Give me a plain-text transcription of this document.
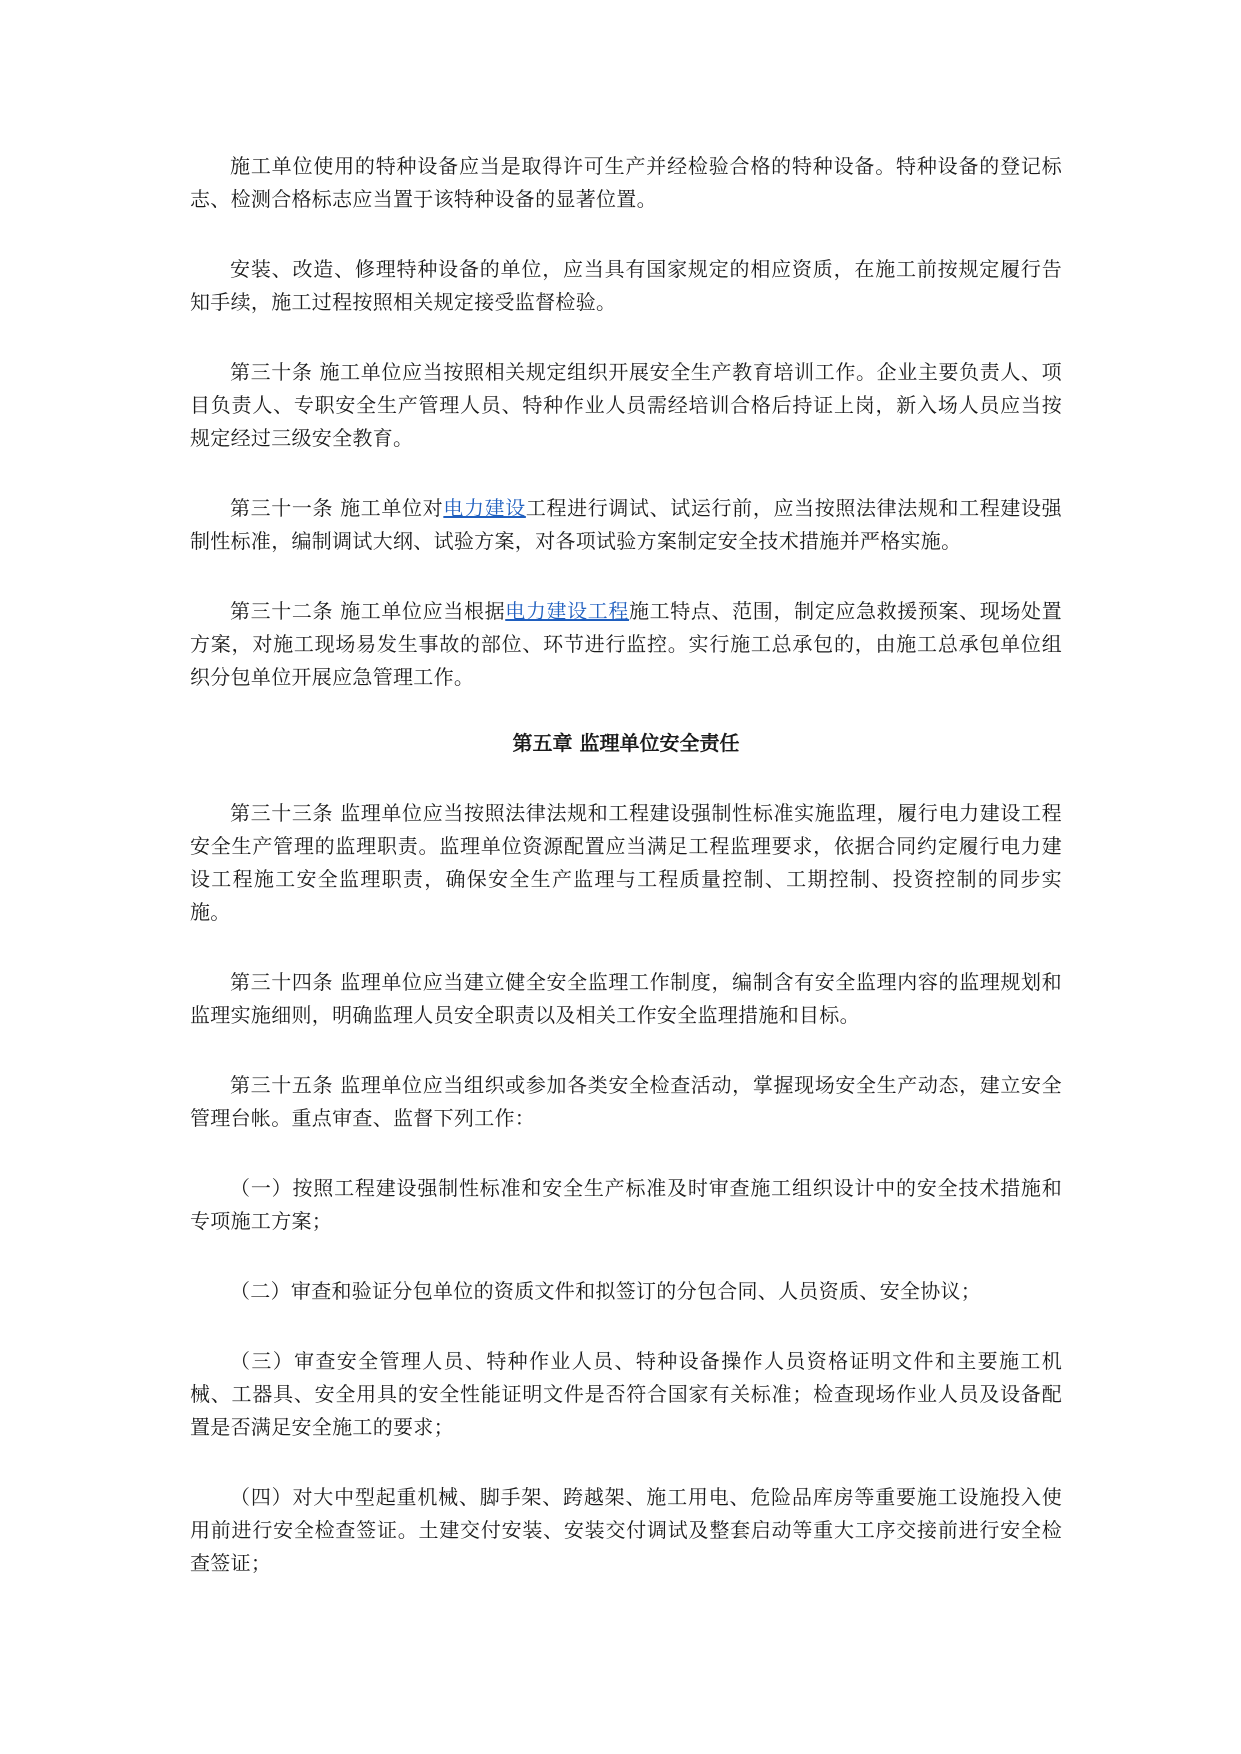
施工单位使用的特种设备应当是取得许可生产并经检验合格的特种设备。特种设备的登记标志、检测合格标志应当置于该特种设备的显著位置。

安装、改造、修理特种设备的单位，应当具有国家规定的相应资质，在施工前按规定履行告知手续，施工过程按照相关规定接受监督检验。

第三十条 施工单位应当按照相关规定组织开展安全生产教育培训工作。企业主要负责人、项目负责人、专职安全生产管理人员、特种作业人员需经培训合格后持证上岗，新入场人员应当按规定经过三级安全教育。

第三十一条 施工单位对电力建设工程进行调试、试运行前，应当按照法律法规和工程建设强制性标准，编制调试大纲、试验方案，对各项试验方案制定安全技术措施并严格实施。

第三十二条 施工单位应当根据电力建设工程施工特点、范围，制定应急救援预案、现场处置方案，对施工现场易发生事故的部位、环节进行监控。实行施工总承包的，由施工总承包单位组织分包单位开展应急管理工作。

第五章 监理单位安全责任

第三十三条 监理单位应当按照法律法规和工程建设强制性标准实施监理，履行电力建设工程安全生产管理的监理职责。监理单位资源配置应当满足工程监理要求，依据合同约定履行电力建设工程施工安全监理职责，确保安全生产监理与工程质量控制、工期控制、投资控制的同步实施。

第三十四条 监理单位应当建立健全安全监理工作制度，编制含有安全监理内容的监理规划和监理实施细则，明确监理人员安全职责以及相关工作安全监理措施和目标。

第三十五条 监理单位应当组织或参加各类安全检查活动，掌握现场安全生产动态，建立安全管理台帐。重点审查、监督下列工作：

（一）按照工程建设强制性标准和安全生产标准及时审查施工组织设计中的安全技术措施和专项施工方案；

（二）审查和验证分包单位的资质文件和拟签订的分包合同、人员资质、安全协议；

（三）审查安全管理人员、特种作业人员、特种设备操作人员资格证明文件和主要施工机械、工器具、安全用具的安全性能证明文件是否符合国家有关标准；检查现场作业人员及设备配置是否满足安全施工的要求；

（四）对大中型起重机械、脚手架、跨越架、施工用电、危险品库房等重要施工设施投入使用前进行安全检查签证。土建交付安装、安装交付调试及整套启动等重大工序交接前进行安全检查签证；
